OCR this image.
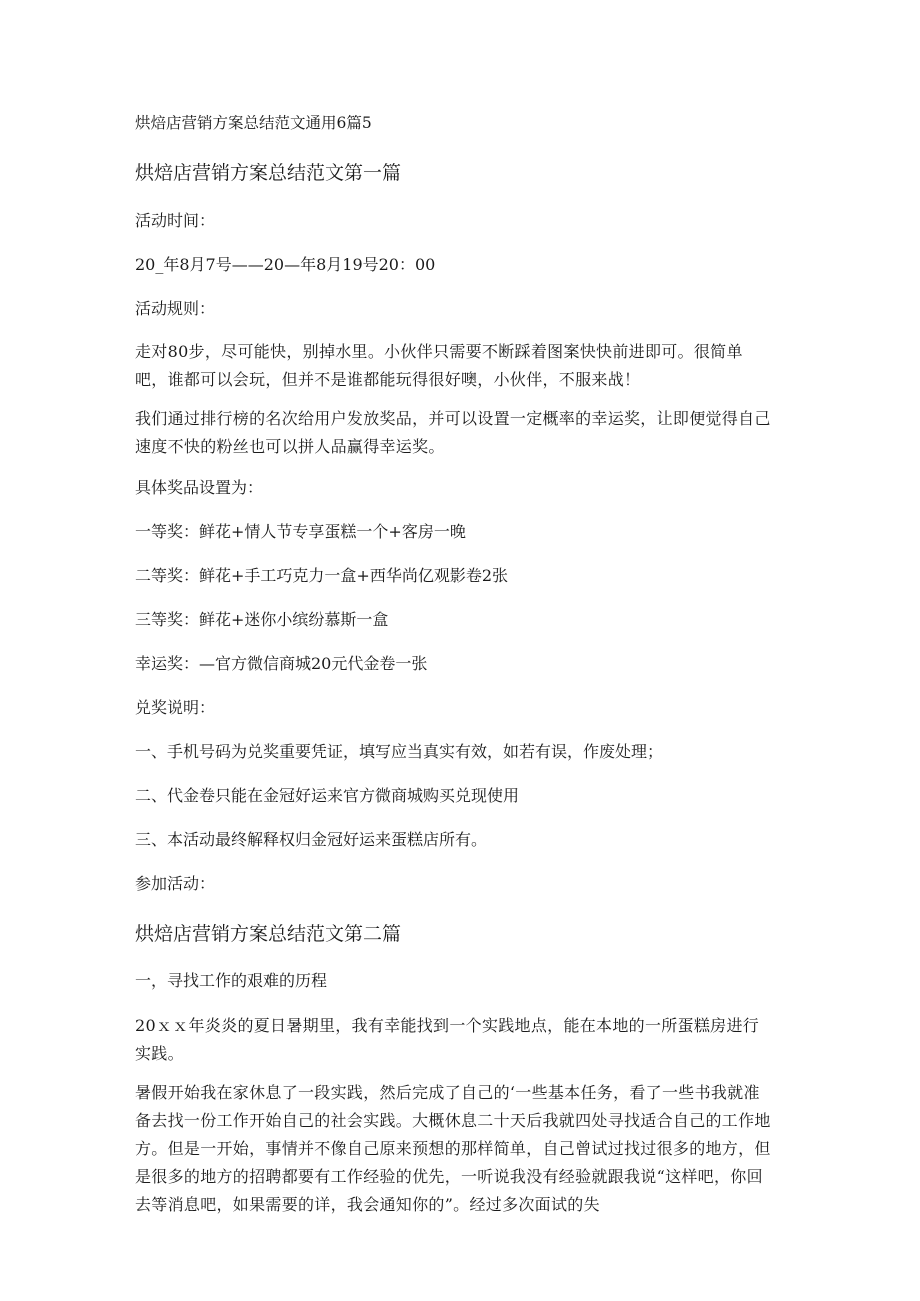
烘焙店营销方案总结范文通用6篇5
烘焙店营销方案总结范文第一篇
活动时间：
20_年8月7号——20—年8月19号20：00
活动规则：
走对80步，尽可能快，别掉水里。小伙伴只需要不断踩着图案快快前进即可。很简单吧，谁都可以会玩，但并不是谁都能玩得很好噢，小伙伴，不服来战！
我们通过排行榜的名次给用户发放奖品，并可以设置一定概率的幸运奖，让即便觉得自己速度不快的粉丝也可以拼人品赢得幸运奖。
具体奖品设置为：
一等奖：鲜花+情人节专享蛋糕一个+客房一晚
二等奖：鲜花+手工巧克力一盒+西华尚亿观影卷2张
三等奖：鲜花+迷你小缤纷慕斯一盒
幸运奖：—官方微信商城20元代金卷一张
兑奖说明：
一、手机号码为兑奖重要凭证，填写应当真实有效，如若有误，作废处理；
二、代金卷只能在金冠好运来官方微商城购买兑现使用
三、本活动最终解释权归金冠好运来蛋糕店所有。
参加活动：
烘焙店营销方案总结范文第二篇
一，寻找工作的艰难的历程
20ｘｘ年炎炎的夏日暑期里，我有幸能找到一个实践地点，能在本地的一所蛋糕房进行实践。
暑假开始我在家休息了一段实践，然后完成了自己的‘一些基本任务，看了一些书我就准备去找一份工作开始自己的社会实践。大概休息二十天后我就四处寻找适合自己的工作地方。但是一开始，事情并不像自己原来预想的那样简单，自己曾试过找过很多的地方，但是很多的地方的招聘都要有工作经验的优先，一听说我没有经验就跟我说“这样吧，你回去等消息吧，如果需要的详，我会通知你的”。经过多次面试的失
